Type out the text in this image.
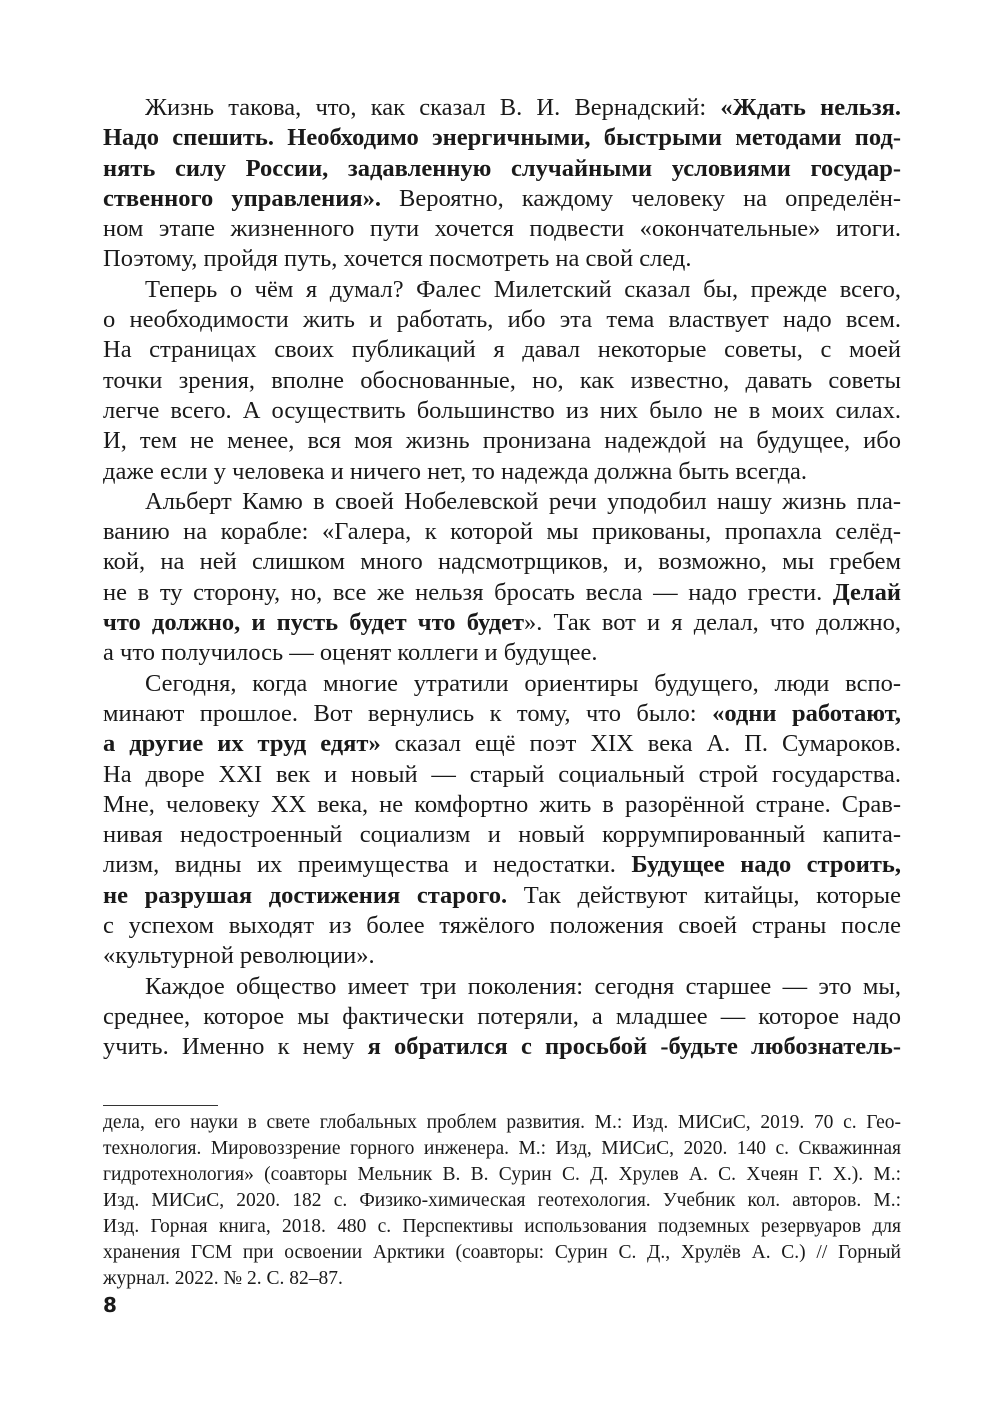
Жизнь такова, что, как сказал В. И. Вернадский: «Ждать нельзя.
Надо спешить. Необходимо энергичными, быстрыми методами под-
нять силу России, задавленную случайными условиями государ-
ственного управления». Вероятно, каждому человеку на определён-
ном этапе жизненного пути хочется подвести «окончательные» итоги.
Поэтому, пройдя путь, хочется посмотреть на свой след.
Теперь о чём я думал? Фалес Милетский сказал бы, прежде всего,
о необходимости жить и работать, ибо эта тема властвует надо всем.
На страницах своих публикаций я давал некоторые советы, с моей
точки зрения, вполне обоснованные, но, как известно, давать советы
легче всего. А осуществить большинство из них было не в моих силах.
И, тем не менее, вся моя жизнь пронизана надеждой на будущее, ибо
даже если у человека и ничего нет, то надежда должна быть всегда.
Альберт Камю в своей Нобелевской речи уподобил нашу жизнь пла-
ванию на корабле: «Галера, к которой мы прикованы, пропахла селёд-
кой, на ней слишком много надсмотрщиков, и, возможно, мы гребем
не в ту сторону, но, все же нельзя бросать весла — надо грести. Делай
что должно, и пусть будет что будет». Так вот и я делал, что должно,
а что получилось — оценят коллеги и будущее.
Сегодня, когда многие утратили ориентиры будущего, люди вспо-
минают прошлое. Вот вернулись к тому, что было: «одни работают,
а другие их труд едят» сказал ещё поэт XIX века А. П. Сумароков.
На дворе XXI век и новый — старый социальный строй государства.
Мне, человеку XX века, не комфортно жить в разорённой стране. Срав-
нивая недостроенный социализм и новый коррумпированный капита-
лизм, видны их преимущества и недостатки. Будущее надо строить,
не разрушая достижения старого. Так действуют китайцы, которые
с успехом выходят из более тяжёлого положения своей страны после
«культурной революции».
Каждое общество имеет три поколения: сегодня старшее — это мы,
среднее, которое мы фактически потеряли, а младшее — которое надо
учить. Именно к нему я обратился с просьбой -будьте любознатель-
дела, его науки в свете глобальных проблем развития. М.: Изд. МИСиС, 2019. 70 с. Гео-
технология. Мировоззрение горного инженера. М.: Изд, МИСиС, 2020. 140 с. Скважинная
гидротехнология» (соавторы Мельник В. В. Сурин С. Д. Хрулев А. С. Хчеян Г. Х.). М.:
Изд. МИСиС, 2020. 182 с. Физико-химическая геотехология. Учебник кол. авторов. М.:
Изд. Горная книга, 2018. 480 с. Перспективы использования подземных резервуаров для
хранения ГСМ при освоении Арктики (соавторы: Сурин С. Д., Хрулёв А. С.) // Горный
журнал. 2022. № 2. С. 82–87.
8
